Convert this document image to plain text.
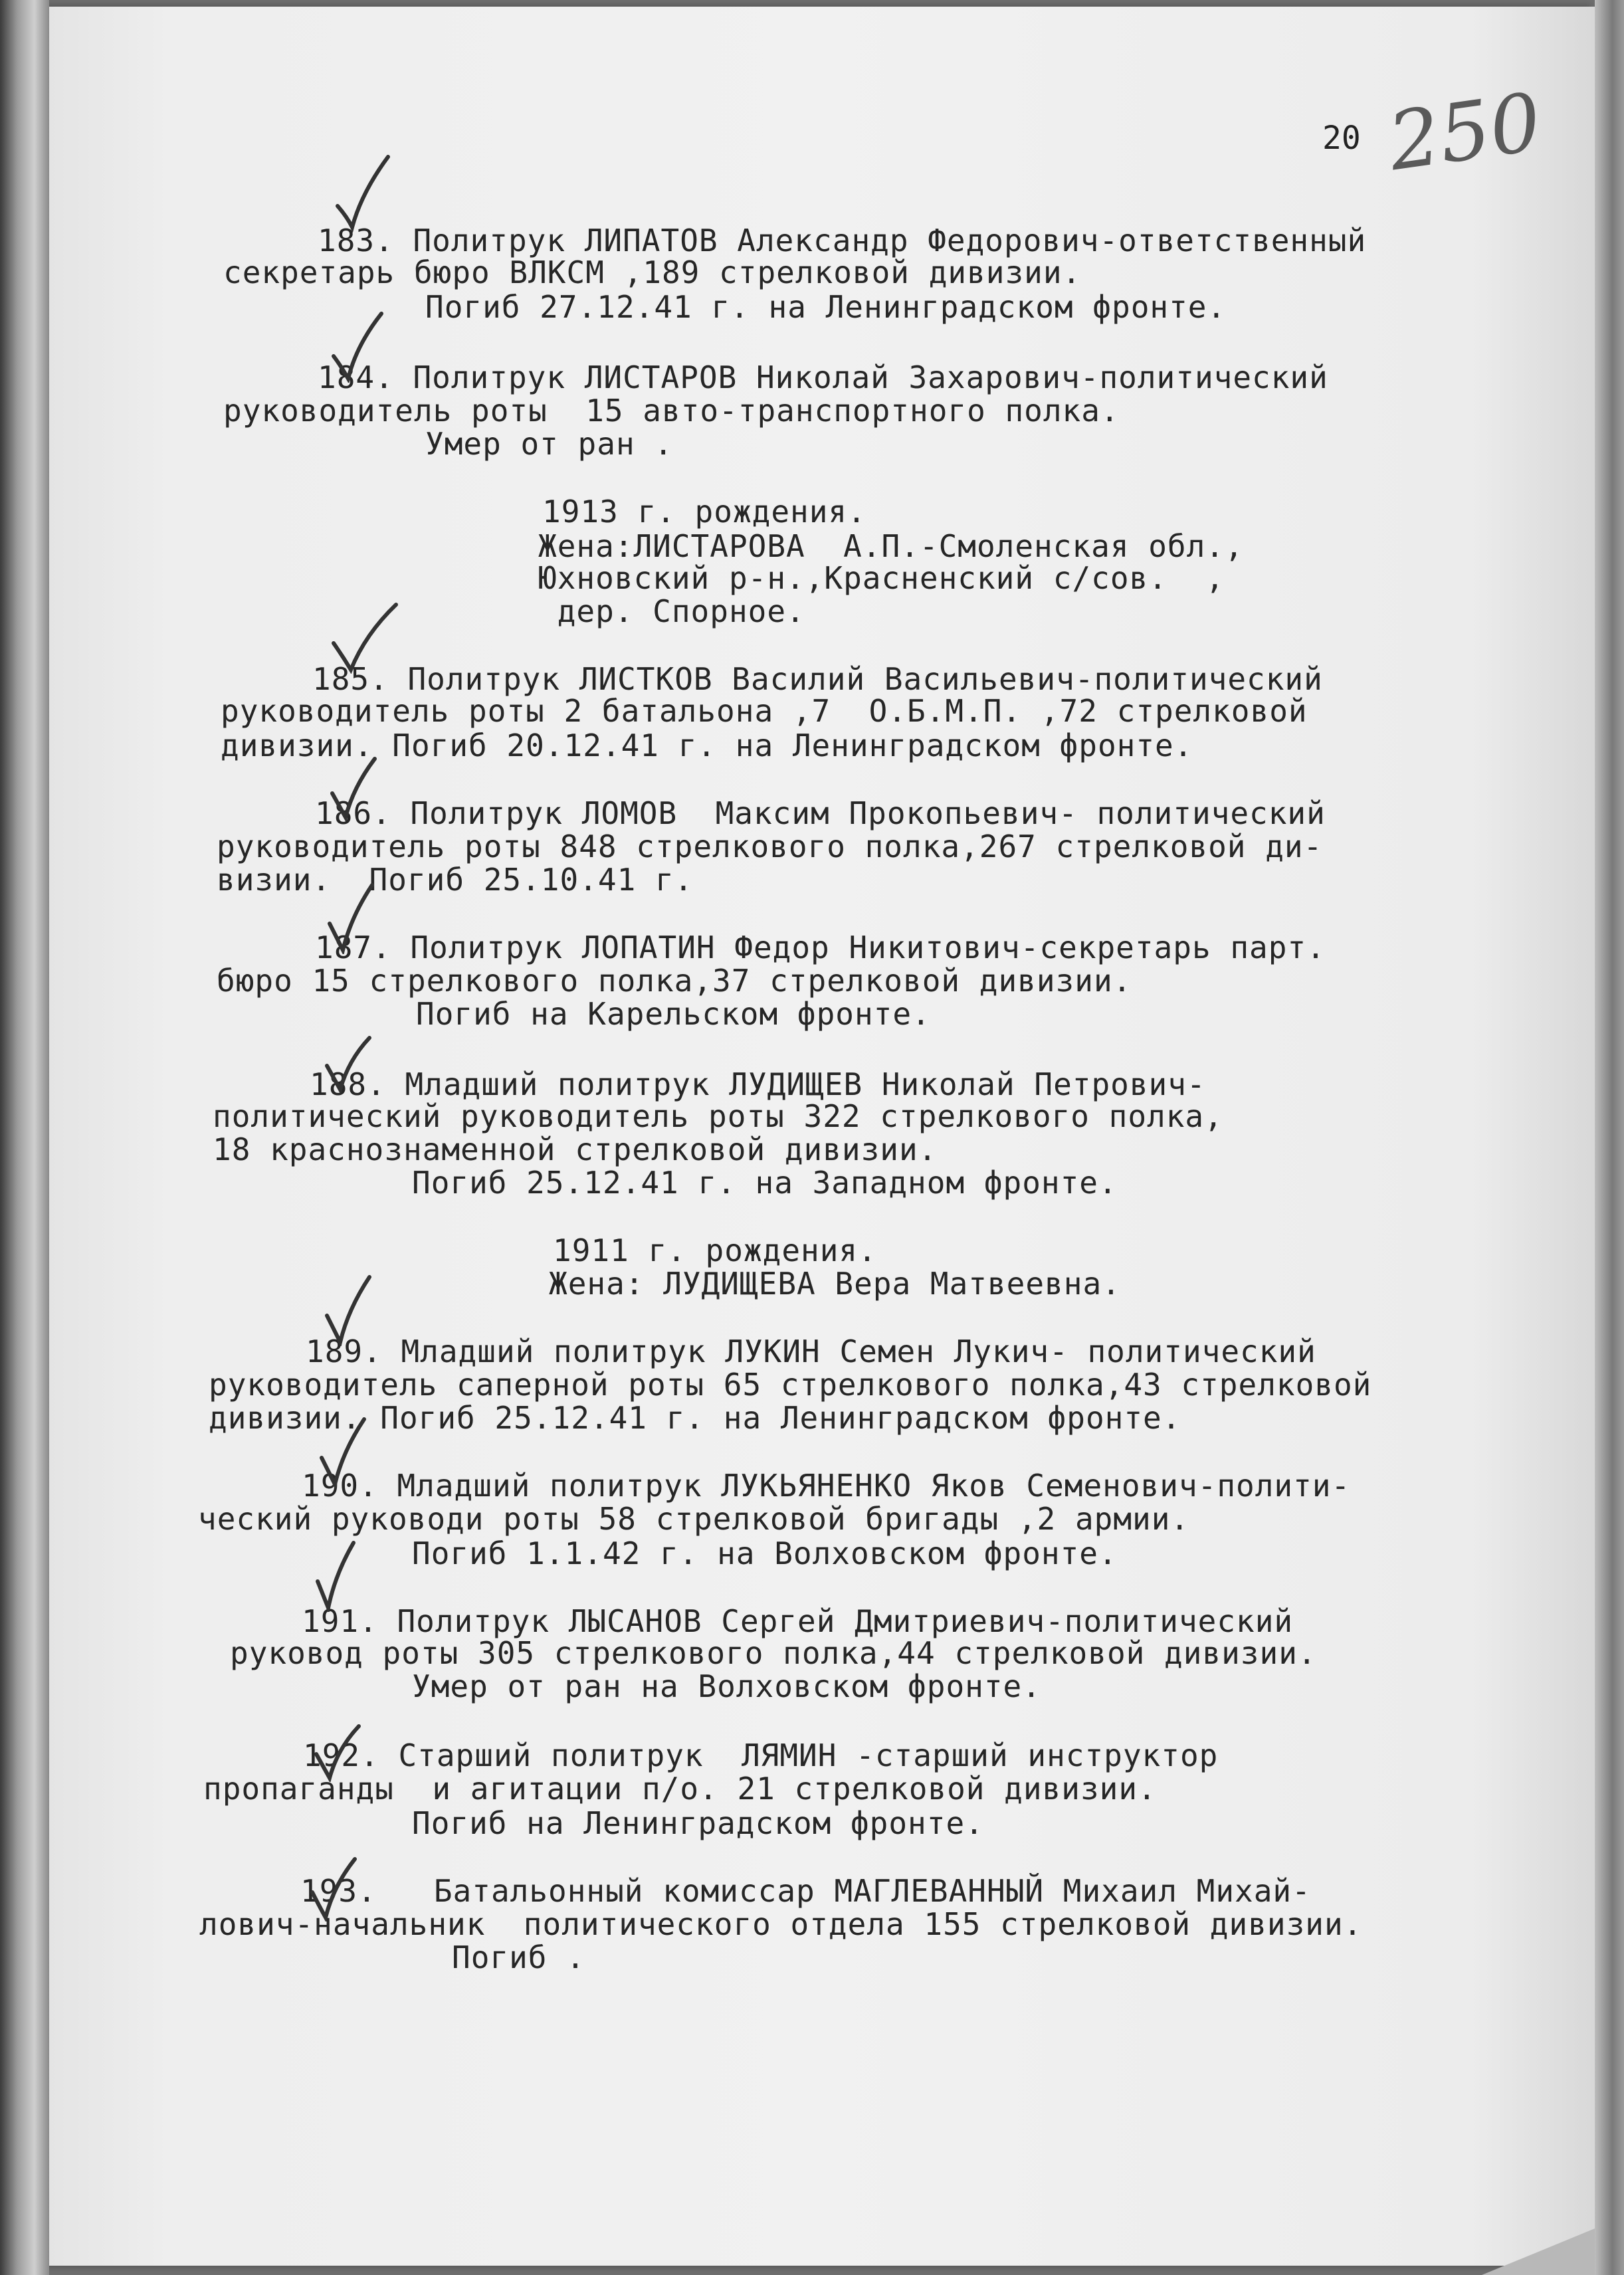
20 250
183. Политрук ЛИПАТОВ Александр Федорович-ответственный
секретарь бюро ВЛКСМ ,189 стрелковой дивизии.
Погиб 27.12.41 г. на Ленинградском фронте.
184. Политрук ЛИСТАРОВ Николай Захарович-политический
руководитель роты  15 авто-транспортного полка.
Умер от ран .
1913 г. рождения.
Жена:ЛИСТАРОВА  А.П.-Смоленская обл.,
Юхновский р-н.,Красненский с/сов.  ,
дер. Спорное.
185. Политрук ЛИСТКОВ Василий Васильевич-политический
руководитель роты 2 батальона ,7  О.Б.М.П. ,72 стрелковой
дивизии. Погиб 20.12.41 г. на Ленинградском фронте.
186. Политрук ЛОМОВ  Максим Прокопьевич- политический
руководитель роты 848 стрелкового полка,267 стрелковой ди-
визии.  Погиб 25.10.41 г.
187. Политрук ЛОПАТИН Федор Никитович-секретарь парт.
бюро 15 стрелкового полка,37 стрелковой дивизии.
Погиб на Карельском фронте.
188. Младший политрук ЛУДИЩЕВ Николай Петрович-
политический руководитель роты 322 стрелкового полка,
18 краснознаменной стрелковой дивизии.
Погиб 25.12.41 г. на Западном фронте.
1911 г. рождения.
Жена: ЛУДИЩЕВА Вера Матвеевна.
189. Младший политрук ЛУКИН Семен Лукич- политический
руководитель саперной роты 65 стрелкового полка,43 стрелковой
дивизии. Погиб 25.12.41 г. на Ленинградском фронте.
190. Младший политрук ЛУКЬЯНЕНКО Яков Семенович-полити-
ческий руководи роты 58 стрелковой бригады ,2 армии.
Погиб 1.1.42 г. на Волховском фронте.
191. Политрук ЛЫСАНОВ Сергей Дмитриевич-политический
руковод роты 305 стрелкового полка,44 стрелковой дивизии.
Умер от ран на Волховском фронте.
192. Старший политрук  ЛЯМИН -старший инструктор
пропаганды  и агитации п/о. 21 стрелковой дивизии.
Погиб на Ленинградском фронте.
193.   Батальонный комиссар МАГЛЕВАННЫЙ Михаил Михай-
лович-начальник  политического отдела 155 стрелковой дивизии.
Погиб .
